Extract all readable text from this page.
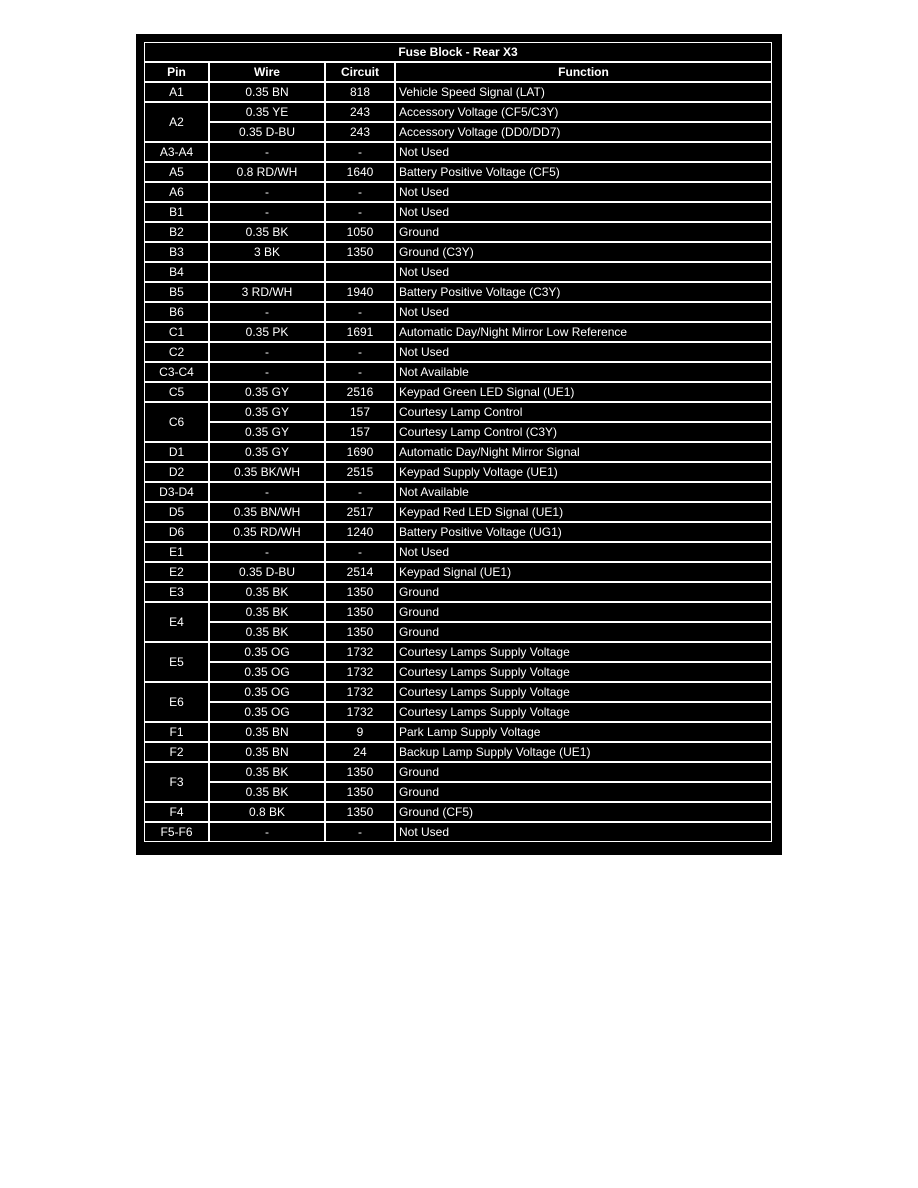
Fuse Block - Rear X3			
Pin	Wire	Circuit	Function
A1	0.35 BN	818	Vehicle Speed Signal (LAT)
A2	0.35 YE	243	Accessory Voltage (CF5/C3Y)
	0.35 D-BU	243	Accessory Voltage (DD0/DD7)
A3-A4	-	-	Not Used
A5	0.8 RD/WH	1640	Battery Positive Voltage (CF5)
A6	-	-	Not Used
B1	-	-	Not Used
B2	0.35 BK	1050	Ground
B3	3 BK	1350	Ground (C3Y)
B4			Not Used
B5	3 RD/WH	1940	Battery Positive Voltage (C3Y)
B6	-	-	Not Used
C1	0.35 PK	1691	Automatic Day/Night Mirror Low Reference
C2	-	-	Not Used
C3-C4	-	-	Not Available
C5	0.35 GY	2516	Keypad Green LED Signal (UE1)
C6	0.35 GY	157	Courtesy Lamp Control
	0.35 GY	157	Courtesy Lamp Control (C3Y)
D1	0.35 GY	1690	Automatic Day/Night Mirror Signal
D2	0.35 BK/WH	2515	Keypad Supply Voltage (UE1)
D3-D4	-	-	Not Available
D5	0.35 BN/WH	2517	Keypad Red LED Signal (UE1)
D6	0.35 RD/WH	1240	Battery Positive Voltage (UG1)
E1	-	-	Not Used
E2	0.35 D-BU	2514	Keypad Signal (UE1)
E3	0.35 BK	1350	Ground
E4	0.35 BK	1350	Ground
	0.35 BK	1350	Ground
E5	0.35 OG	1732	Courtesy Lamps Supply Voltage
	0.35 OG	1732	Courtesy Lamps Supply Voltage
E6	0.35 OG	1732	Courtesy Lamps Supply Voltage
	0.35 OG	1732	Courtesy Lamps Supply Voltage
F1	0.35 BN	9	Park Lamp Supply Voltage
F2	0.35 BN	24	Backup Lamp Supply Voltage (UE1)
F3	0.35 BK	1350	Ground
	0.35 BK	1350	Ground
F4	0.8 BK	1350	Ground (CF5)
F5-F6	-	-	Not Used
